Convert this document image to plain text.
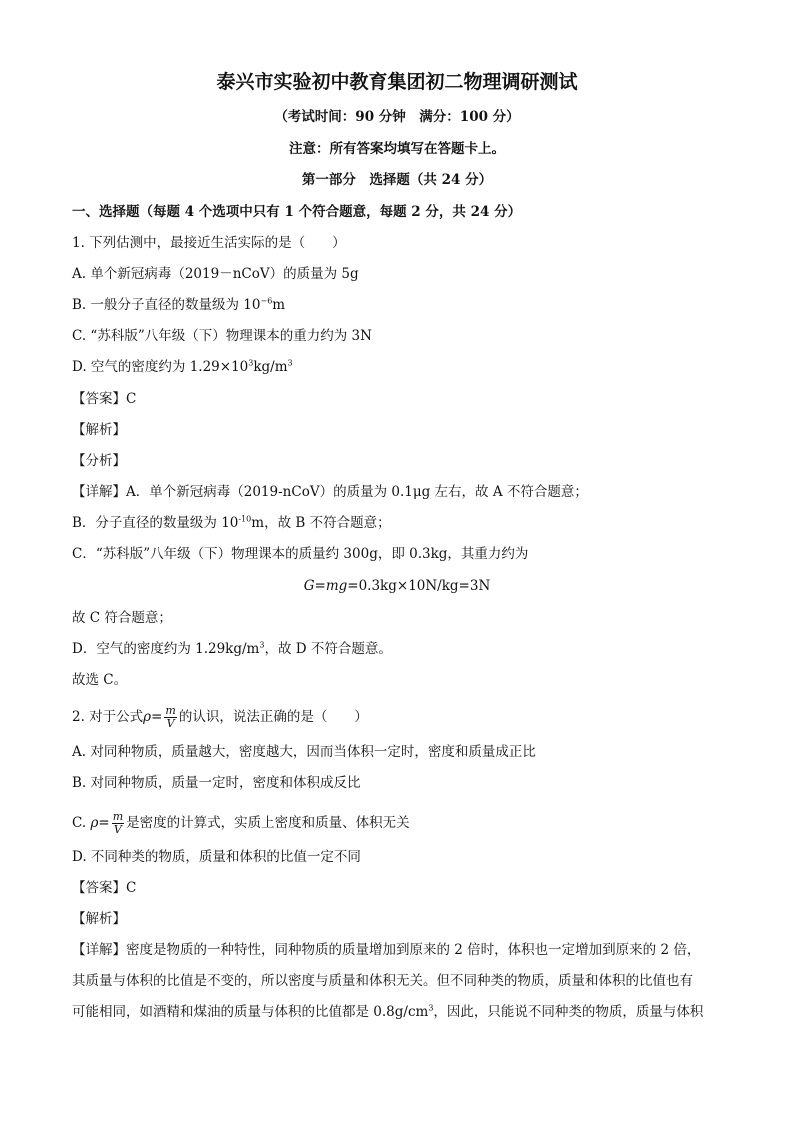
泰兴市实验初中教育集团初二物理调研测试
（考试时间：90 分钟　满分：100 分）
注意：所有答案均填写在答题卡上。
第一部分　选择题（共 24 分）
一、选择题（每题 4 个选项中只有 1 个符合题意，每题 2 分，共 24 分）
1. 下列估测中，最接近生活实际的是（　　）
A. 单个新冠病毒（2019－nCoV）的质量为 5g
B. 一般分子直径的数量级为 $10^{-6}m$
C. “苏科版”八年级（下）物理课本的重力约为 3N
D. 空气的密度约为 $1.29\times 10^3kg/m^3$
【答案】C
【解析】
【分析】
【详解】A．单个新冠病毒（2019-nCoV）的质量为 0.1μg 左右，故 A 不符合题意；
B．分子直径的数量级为 $10^{-10}m$，故 B 不符合题意；
C．“苏科版”八年级（下）物理课本的质量约 300g，即 0.3kg，其重力约为
G=mg=0.3kg×10N/kg=3N
故 C 符合题意；
D．空气的密度约为 $1.29kg/m^3$，故 D 不符合题意。
故选 C。
2. 对于公式$\rho= \frac{m}{V}$ 的认识，说法正确的是（　　）
A. 对同种物质，质量越大，密度越大，因而当体积一定时，密度和质量成正比
B. 对同种物质，质量一定时，密度和体积成反比
C. $\rho= \frac{m}{V}$ 是密度的计算式，实质上密度和质量、体积无关
D. 不同种类的物质，质量和体积的比值一定不同
【答案】C
【解析】
【详解】密度是物质的一种特性，同种物质的质量增加到原来的 2 倍时，体积也一定增加到原来的 2 倍，
其质量与体积的比值是不变的，所以密度与质量和体积无关。但不同种类的物质，质量和体积的比值也有
可能相同，如酒精和煤油的质量与体积的比值都是 $0.8g/cm^3$，因此，只能说不同种类的物质，质量与体积
